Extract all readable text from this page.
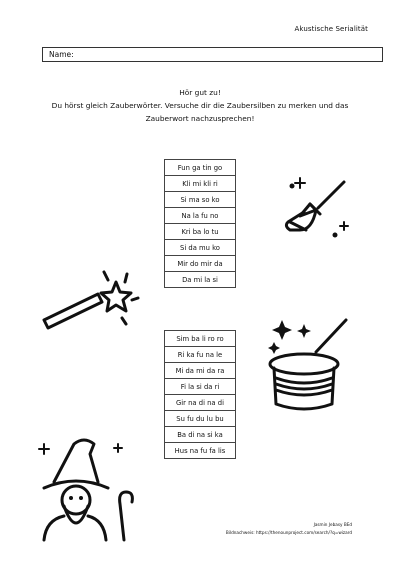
Akustische Serialität
Name:

Hör gut zu!

Du hörst gleich Zauberwörter. Versuche dir die Zaubersilben zu merken und das

Zauberwort nachzusprechen!

Fun ga tin go
Kli mi kli ri
Si ma so ko
Na la fu no
Kri ba lo tu
Si da mu ko
Mir do mir da
Da mi la si
Sim ba li ro ro
Ri ka fu na le
Mi da mi da ra
Fi la si da ri
Gir na di na di
Su fu du lu bu
Ba di na si ka
Hus na fu fa lis
Jasmin Jebasy BEd
Bildnachweis: https://thenounproject.com/search/?q=wizard
